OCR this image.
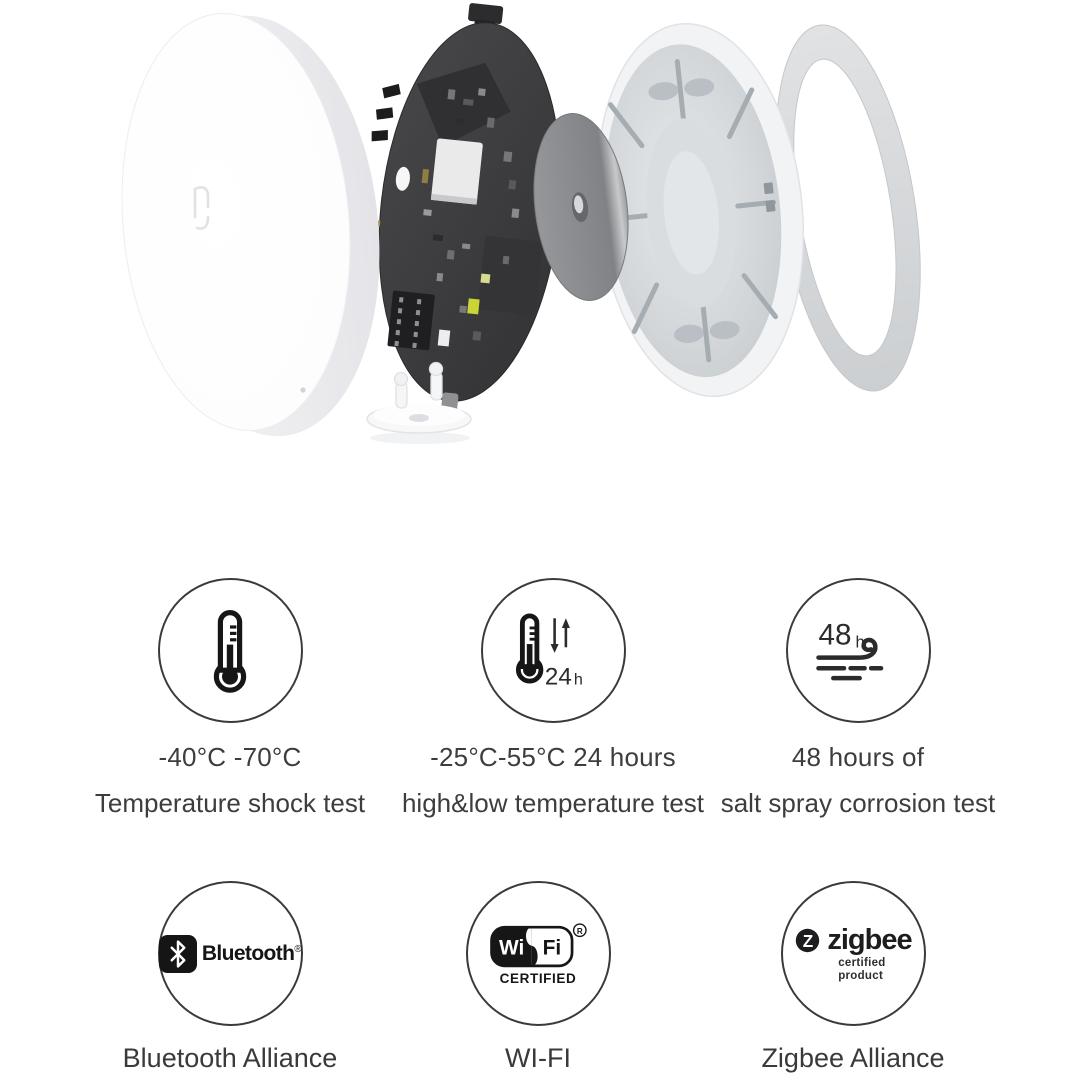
-40°C -70°C
Temperature shock test
24 h
-25°C-55°C 24 hours
high&low temperature test
48 h
48 hours of
salt spray corrosion test
Bluetooth®
Bluetooth Alliance
Wi Fi
R
CERTIFIED
WI-FI
Z zigbee
certified
product
Zigbee Alliance
